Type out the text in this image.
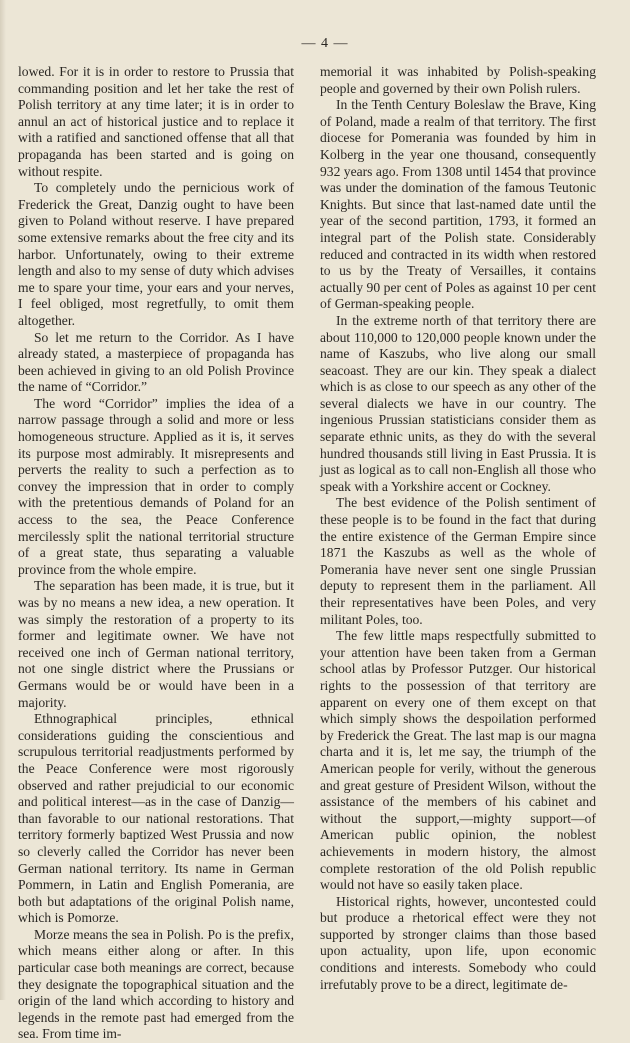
— 4 —

lowed. For it is in order to restore to Prussia that commanding position and let her take the rest of Polish territory at any time later; it is in order to annul an act of historical justice and to replace it with a ratified and sanctioned offense that all that propaganda has been started and is going on without respite.

To completely undo the pernicious work of Frederick the Great, Danzig ought to have been given to Poland without reserve. I have prepared some extensive remarks about the free city and its harbor. Unfortunately, owing to their extreme length and also to my sense of duty which advises me to spare your time, your ears and your nerves, I feel obliged, most regretfully, to omit them altogether.

So let me return to the Corridor. As I have already stated, a masterpiece of propaganda has been achieved in giving to an old Polish Province the name of “Corridor.”

The word “Corridor” implies the idea of a narrow passage through a solid and more or less homogeneous structure. Applied as it is, it serves its purpose most admirably. It misrepresents and perverts the reality to such a perfection as to convey the impression that in order to comply with the pretentious demands of Poland for an access to the sea, the Peace Conference mercilessly split the national territorial structure of a great state, thus separating a valuable province from the whole empire.

The separation has been made, it is true, but it was by no means a new idea, a new operation. It was simply the restoration of a property to its former and legitimate owner. We have not received one inch of German national territory, not one single district where the Prussians or Germans would be or would have been in a majority.

Ethnographical principles, ethnical considerations guiding the conscientious and scrupulous territorial readjustments performed by the Peace Conference were most rigorously observed and rather prejudicial to our economic and political interest—as in the case of Danzig—than favorable to our national restorations. That territory formerly baptized West Prussia and now so cleverly called the Corridor has never been German national territory. Its name in German Pommern, in Latin and English Pomerania, are both but adaptations of the original Polish name, which is Pomorze.

Morze means the sea in Polish. Po is the prefix, which means either along or after. In this particular case both meanings are correct, because they designate the topographical situation and the origin of the land which according to history and legends in the remote past had emerged from the sea. From time im-

memorial it was inhabited by Polish-speaking people and governed by their own Polish rulers.

In the Tenth Century Boleslaw the Brave, King of Poland, made a realm of that territory. The first diocese for Pomerania was founded by him in Kolberg in the year one thousand, consequently 932 years ago. From 1308 until 1454 that province was under the domination of the famous Teutonic Knights. But since that last-named date until the year of the second partition, 1793, it formed an integral part of the Polish state. Considerably reduced and contracted in its width when restored to us by the Treaty of Versailles, it contains actually 90 per cent of Poles as against 10 per cent of German-speaking people.

In the extreme north of that territory there are about 110,000 to 120,000 people known under the name of Kaszubs, who live along our small seacoast. They are our kin. They speak a dialect which is as close to our speech as any other of the several dialects we have in our country. The ingenious Prussian statisticians consider them as separate ethnic units, as they do with the several hundred thousands still living in East Prussia. It is just as logical as to call non-English all those who speak with a Yorkshire accent or Cockney.

The best evidence of the Polish sentiment of these people is to be found in the fact that during the entire existence of the German Empire since 1871 the Kaszubs as well as the whole of Pomerania have never sent one single Prussian deputy to represent them in the parliament. All their representatives have been Poles, and very militant Poles, too.

The few little maps respectfully submitted to your attention have been taken from a German school atlas by Professor Putzger. Our historical rights to the possession of that territory are apparent on every one of them except on that which simply shows the despoilation performed by Frederick the Great. The last map is our magna charta and it is, let me say, the triumph of the American people for verily, without the generous and great gesture of President Wilson, without the assistance of the members of his cabinet and without the support,—mighty support—of American public opinion, the noblest achievements in modern history, the almost complete restoration of the old Polish republic would not have so easily taken place.

Historical rights, however, uncontested could but produce a rhetorical effect were they not supported by stronger claims than those based upon actuality, upon life, upon economic conditions and interests. Somebody who could irrefutably prove to be a direct, legitimate de-
